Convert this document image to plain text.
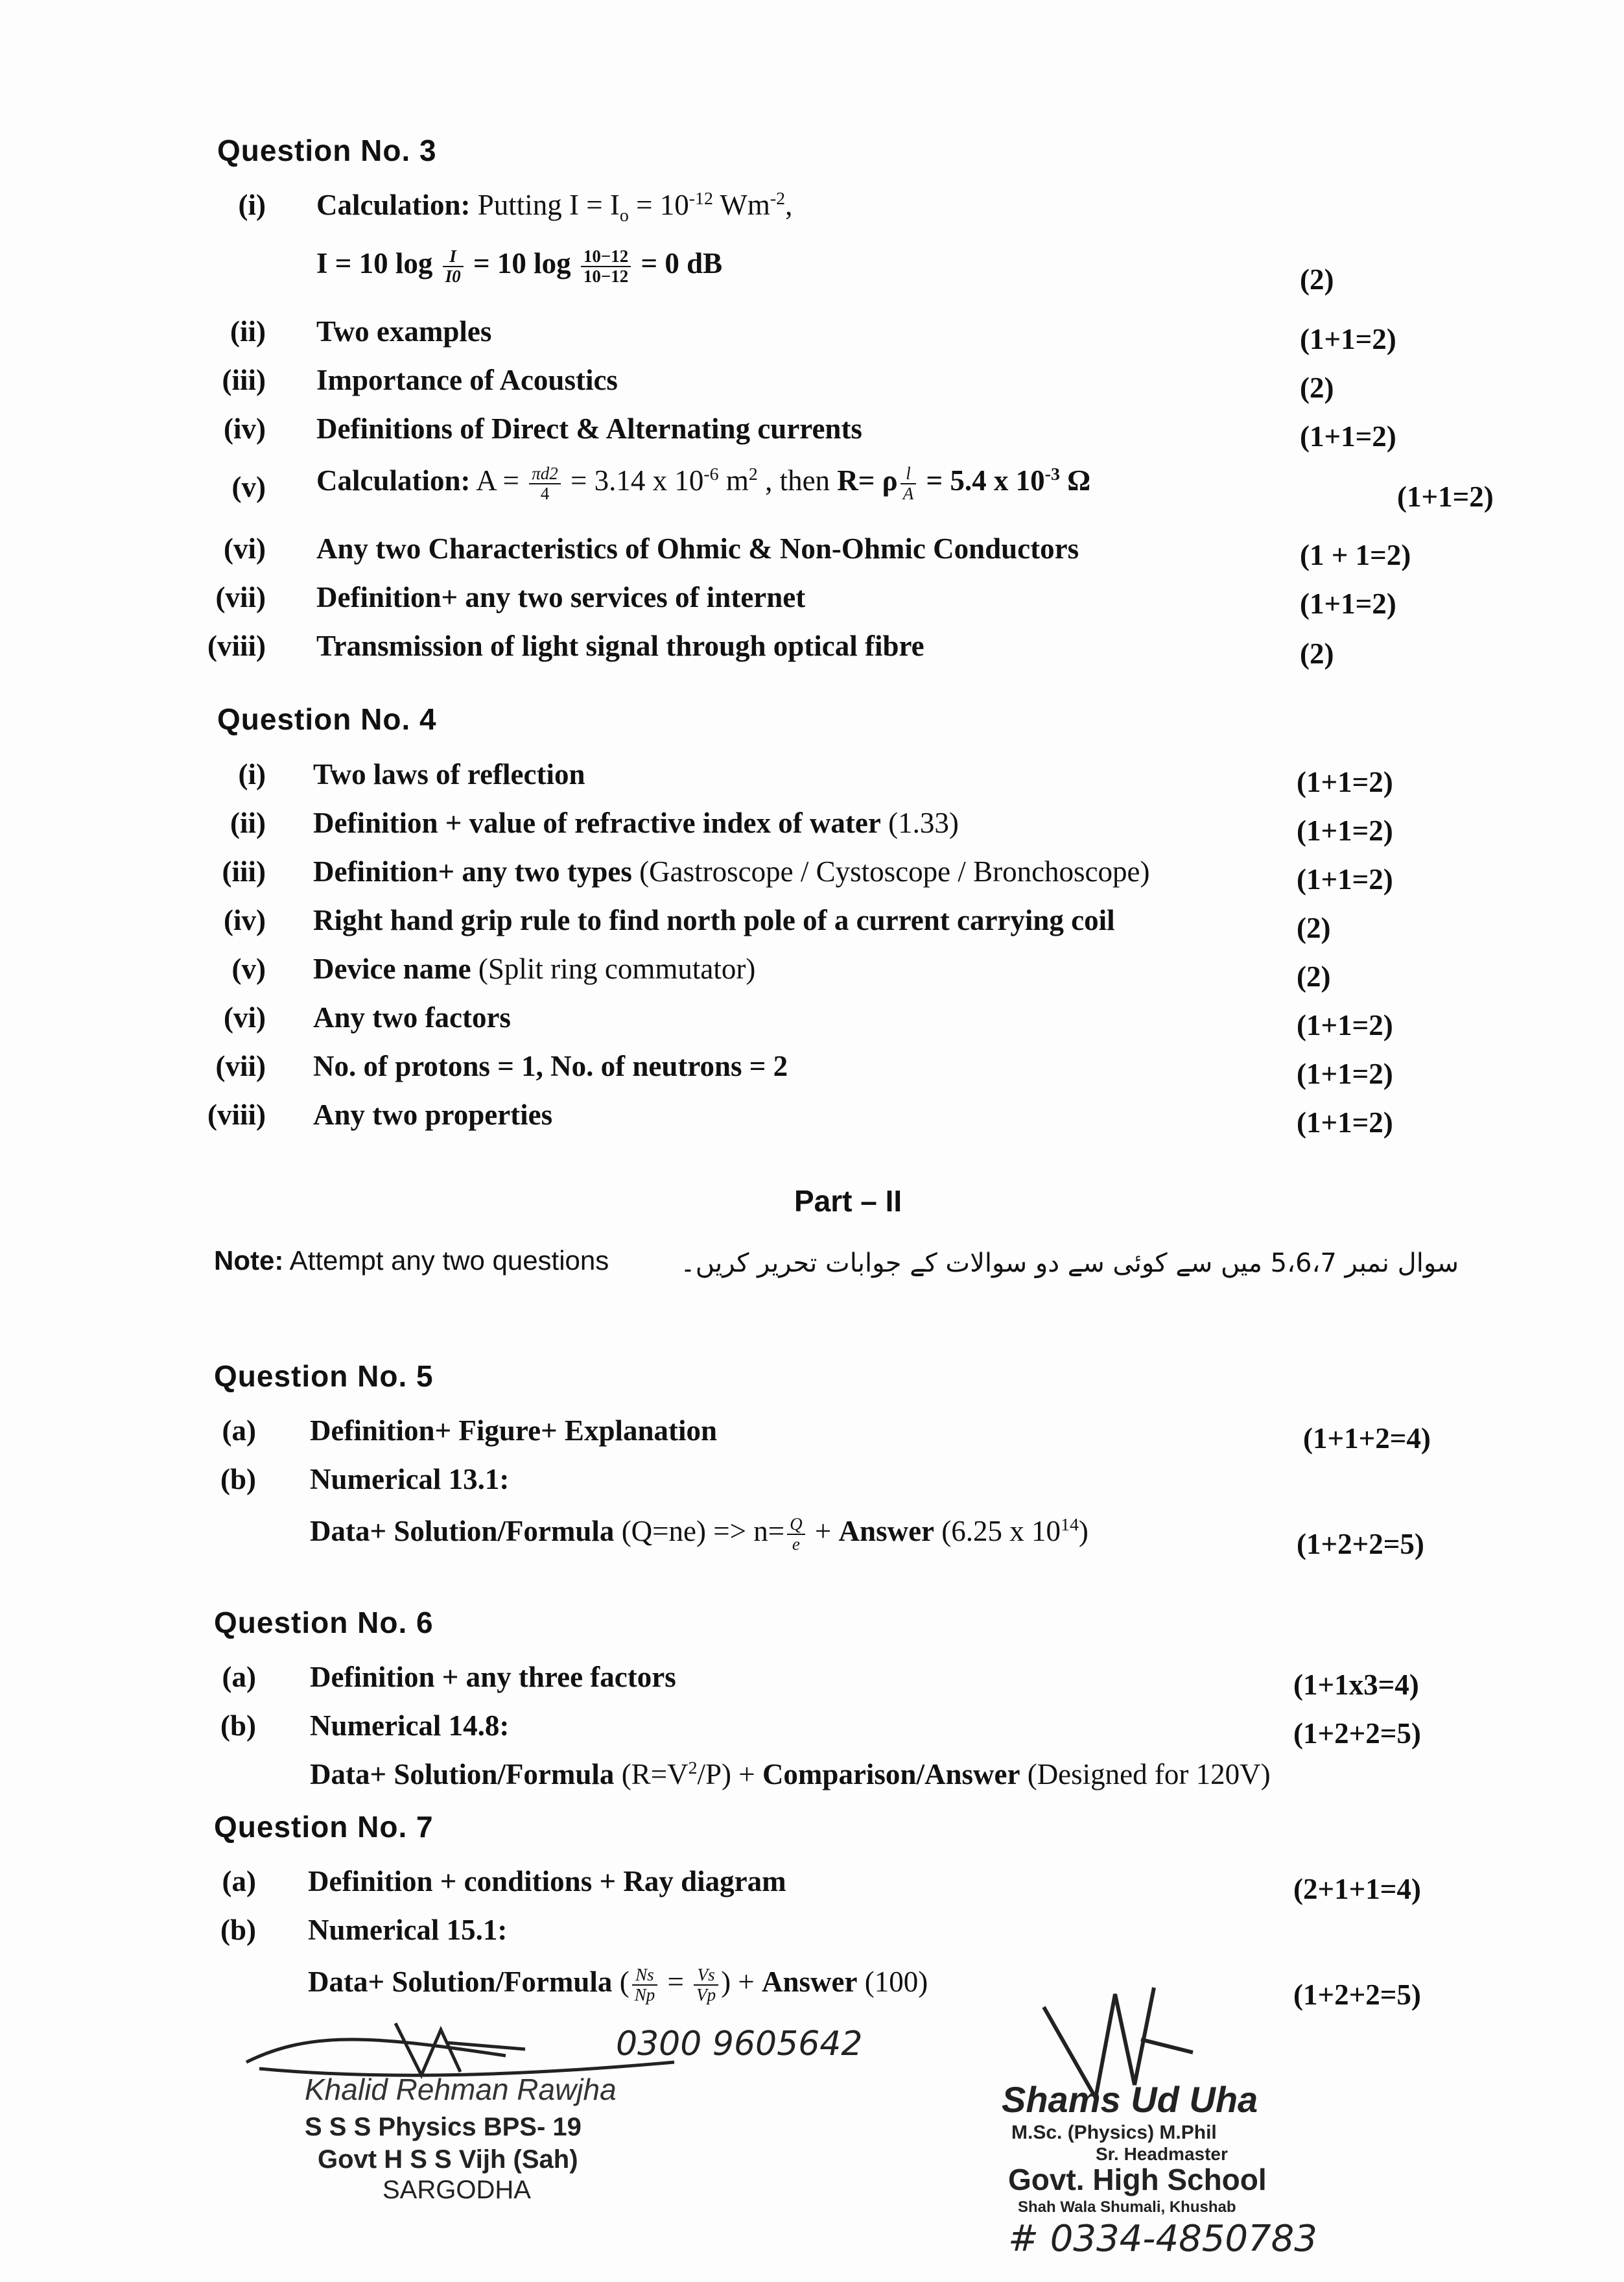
Question No. 3
(i) Calculation: Putting $I = I_o = 10^{-12}$ $Wm^{-2}$,
I = 10 $\log \frac{I}{I0} = 10$ $\log \frac{10-12}{10-12} = 0$ dB	(2)
(ii) Two examples	(1+1=2)
(iii) Importance of Acoustics	(2)
(iv) Definitions of Direct & Alternating currents	(1+1=2)
(v) Calculation: $A = \frac{\pi d2}{4} = 3.14$ x $10^{-6}$ $m^2$ , then R= ρ $\frac{l}{A} = 5.4$ x $10^{-3}$ Ω	(1+1=2)
(vi) Any two Characteristics of Ohmic & Non-Ohmic Conductors	(1 + 1=2)
(vii) Definition+ any two services of internet	(1+1=2)
(viii) Transmission of light signal through optical fibre	(2)
Question No. 4
(i) Two laws of reflection	(1+1=2)
(ii) Definition + value of refractive index of water (1.33)	(1+1=2)
(iii) Definition+ any two types (Gastroscope / Cystoscope / Bronchoscope)	(1+1=2)
(iv) Right hand grip rule to find north pole of a current carrying coil	(2)
(v) Device name (Split ring commutator)	(2)
(vi) Any two factors	(1+1=2)
(vii) No. of protons = 1, No. of neutrons = 2	(1+1=2)
(viii) Any two properties	(1+1=2)
Part – II
Note: Attempt any two questions	سوال نمبر 5،6،7 میں سے کوئی سے دو سوالات کے جوابات تحریر کریں۔
Question No. 5
(a) Definition+ Figure+ Explanation	(1+1+2=4)
(b) Numerical 13.1:
Data+ Solution/Formula $(Q=ne) => n= \frac{Q}{e}$ + Answer (6.25 x $10^{14}$)	(1+2+2=5)
Question No. 6
(a) Definition + any three factors	(1+1x3=4)
(b) Numerical 14.8:	(1+2+2=5)
Data+ Solution/Formula $(R=V^2/P)$ + Comparison/Answer (Designed for 120V)
Question No. 7
(a) Definition + conditions + Ray diagram	(2+1+1=4)
(b) Numerical 15.1:
Data+ Solution/Formula ( $\frac{Ns}{Np} = \frac{Vs}{Vp}$ ) + Answer (100)	(1+2+2=5)
0300 9605642
Khalid Rehman Rawjha
S S S Physics BPS- 19
Govt H S S Vijh (Sah)
SARGODHA
Shams Ud Uha
M.Sc. (Physics) M.Phil
Sr. Headmaster
Govt. High School
Shah Wala Shumali, Khushab
# 0334-4850783
